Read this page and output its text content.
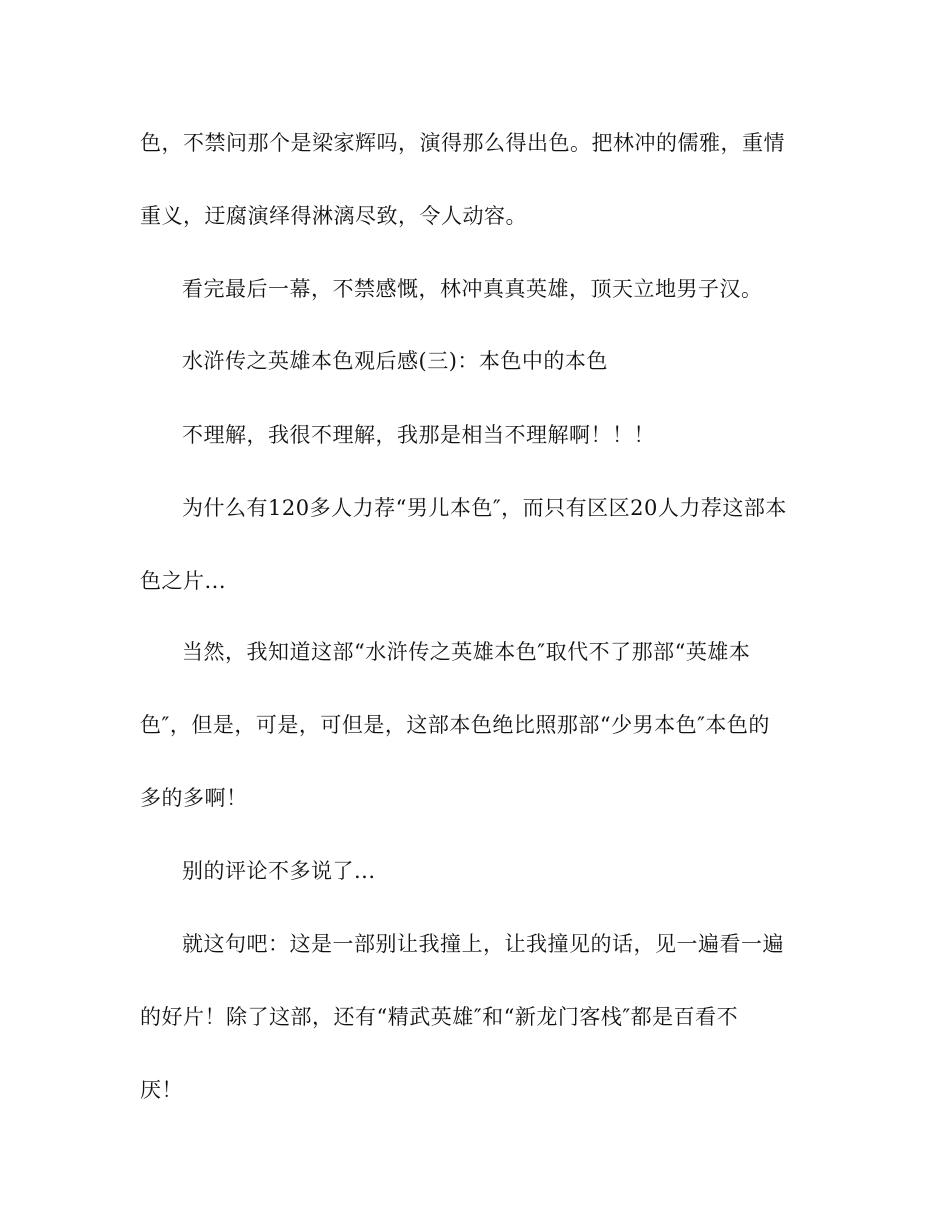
色，不禁问那个是梁家辉吗，演得那么得出色。把林冲的儒雅，重情
重义，迂腐演绎得淋漓尽致，令人动容。
看完最后一幕，不禁感慨，林冲真真英雄，顶天立地男子汉。
水浒传之英雄本色观后感(三)：本色中的本色
不理解，我很不理解，我那是相当不理解啊！！！
为什么有120多人力荐“男儿本色″，而只有区区20人力荐这部本
色之片...
当然，我知道这部“水浒传之英雄本色″取代不了那部“英雄本
色″，但是，可是，可但是，这部本色绝比照那部“少男本色″本色的
多的多啊！
别的评论不多说了...
就这句吧：这是一部别让我撞上，让我撞见的话，见一遍看一遍
的好片！除了这部，还有“精武英雄″和“新龙门客栈″都是百看不
厌！
